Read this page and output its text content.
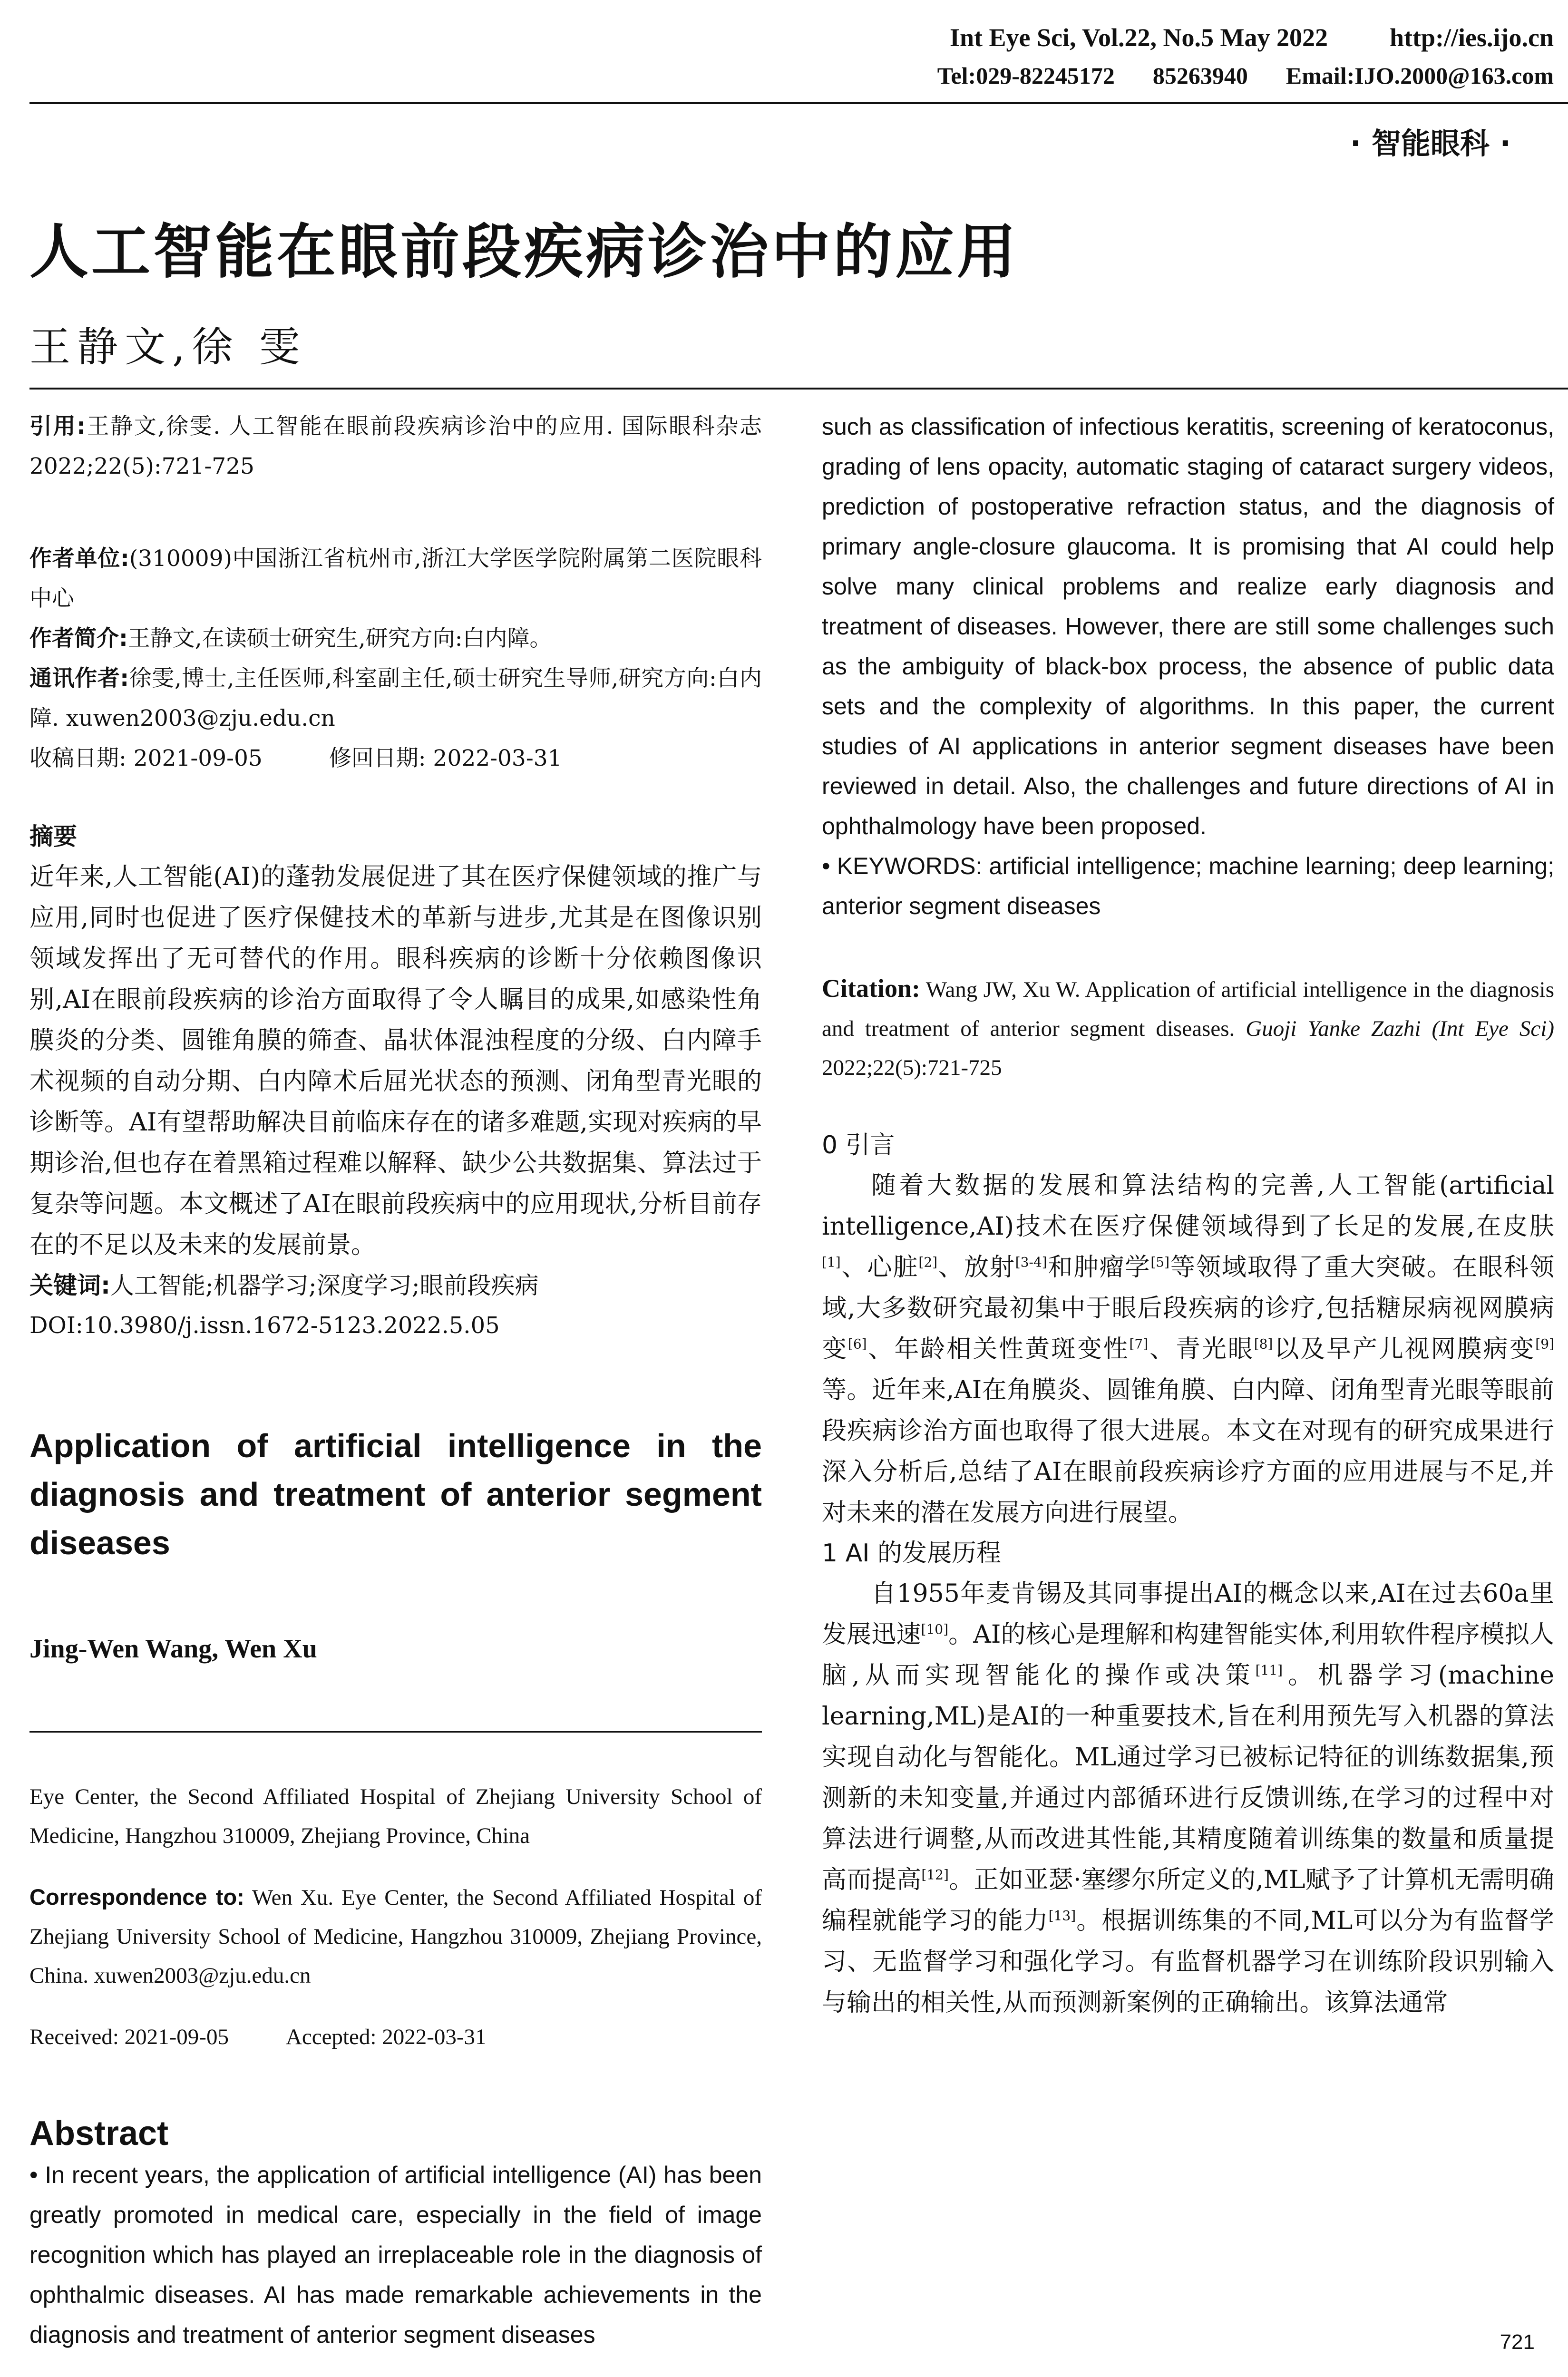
Int Eye Sci, Vol.22, No.5 May 2022 http://ies.ijo.cn
Tel:029-82245172 85263940 Email:IJO.2000@163.com
· 智能眼科 ·
人工智能在眼前段疾病诊治中的应用
王静文,徐 雯

引用:王静文,徐雯. 人工智能在眼前段疾病诊治中的应用. 国际眼科杂志 2022;22(5):721-725

作者单位:(310009)中国浙江省杭州市,浙江大学医学院附属第二医院眼科中心

作者简介:王静文,在读硕士研究生,研究方向:白内障。

通讯作者:徐雯,博士,主任医师,科室副主任,硕士研究生导师,研究方向:白内障. xuwen2003@zju.edu.cn

收稿日期: 2021-09-05	修回日期: 2022-03-31

摘要

近年来,人工智能(AI)的蓬勃发展促进了其在医疗保健领域的推广与应用,同时也促进了医疗保健技术的革新与进步,尤其是在图像识别领域发挥出了无可替代的作用。眼科疾病的诊断十分依赖图像识别,AI在眼前段疾病的诊治方面取得了令人瞩目的成果,如感染性角膜炎的分类、圆锥角膜的筛查、晶状体混浊程度的分级、白内障手术视频的自动分期、白内障术后屈光状态的预测、闭角型青光眼的诊断等。AI有望帮助解决目前临床存在的诸多难题,实现对疾病的早期诊治,但也存在着黑箱过程难以解释、缺少公共数据集、算法过于复杂等问题。本文概述了AI在眼前段疾病中的应用现状,分析目前存在的不足以及未来的发展前景。

关键词:人工智能;机器学习;深度学习;眼前段疾病

DOI:10.3980/j.issn.1672-5123.2022.5.05

Application of artificial intelligence in the diagnosis and treatment of anterior segment diseases

Jing-Wen Wang, Wen Xu

Eye Center, the Second Affiliated Hospital of Zhejiang University School of Medicine, Hangzhou 310009, Zhejiang Province, China

Correspondence to: Wen Xu. Eye Center, the Second Affiliated Hospital of Zhejiang University School of Medicine, Hangzhou 310009, Zhejiang Province, China. xuwen2003@zju.edu.cn

Received: 2021-09-05	Accepted: 2022-03-31

Abstract

• In recent years, the application of artificial intelligence (AI) has been greatly promoted in medical care, especially in the field of image recognition which has played an irreplaceable role in the diagnosis of ophthalmic diseases. AI has made remarkable achievements in the diagnosis and treatment of anterior segment diseases

such as classification of infectious keratitis, screening of keratoconus, grading of lens opacity, automatic staging of cataract surgery videos, prediction of postoperative refraction status, and the diagnosis of primary angle-closure glaucoma. It is promising that AI could help solve many clinical problems and realize early diagnosis and treatment of diseases. However, there are still some challenges such as the ambiguity of black-box process, the absence of public data sets and the complexity of algorithms. In this paper, the current studies of AI applications in anterior segment diseases have been reviewed in detail. Also, the challenges and future directions of AI in ophthalmology have been proposed.

• KEYWORDS: artificial intelligence; machine learning; deep learning; anterior segment diseases

Citation: Wang JW, Xu W. Application of artificial intelligence in the diagnosis and treatment of anterior segment diseases. Guoji Yanke Zazhi (Int Eye Sci) 2022;22(5):721-725

0 引言

随着大数据的发展和算法结构的完善,人工智能(artificial intelligence,AI)技术在医疗保健领域得到了长足的发展,在皮肤[1]、心脏[2]、放射[3-4]和肿瘤学[5]等领域取得了重大突破。在眼科领域,大多数研究最初集中于眼后段疾病的诊疗,包括糖尿病视网膜病变[6]、年龄相关性黄斑变性[7]、青光眼[8]以及早产儿视网膜病变[9]等。近年来,AI在角膜炎、圆锥角膜、白内障、闭角型青光眼等眼前段疾病诊治方面也取得了很大进展。本文在对现有的研究成果进行深入分析后,总结了AI在眼前段疾病诊疗方面的应用进展与不足,并对未来的潜在发展方向进行展望。

1 AI 的发展历程

自1955年麦肯锡及其同事提出AI的概念以来,AI在过去60a里发展迅速[10]。AI的核心是理解和构建智能实体,利用软件程序模拟人脑,从而实现智能化的操作或决策[11]。机器学习(machine learning,ML)是AI的一种重要技术,旨在利用预先写入机器的算法实现自动化与智能化。ML通过学习已被标记特征的训练数据集,预测新的未知变量,并通过内部循环进行反馈训练,在学习的过程中对算法进行调整,从而改进其性能,其精度随着训练集的数量和质量提高而提高[12]。正如亚瑟·塞缪尔所定义的,ML赋予了计算机无需明确编程就能学习的能力[13]。根据训练集的不同,ML可以分为有监督学习、无监督学习和强化学习。有监督机器学习在训练阶段识别输入与输出的相关性,从而预测新案例的正确输出。该算法通常

721
